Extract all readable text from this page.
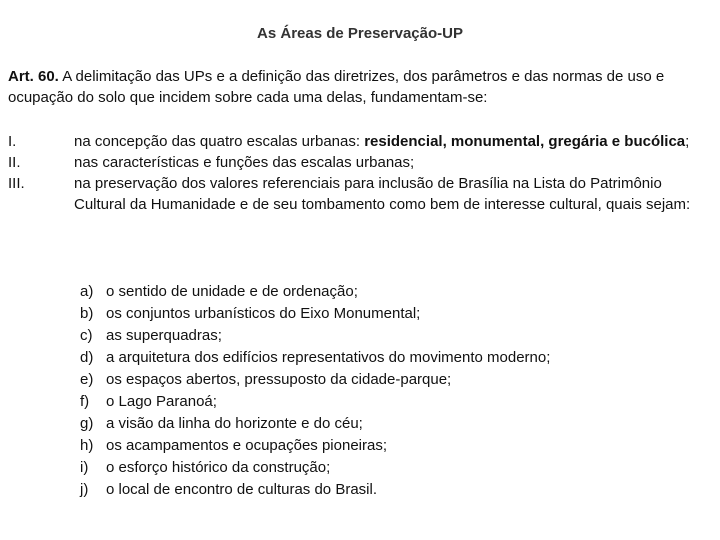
As Áreas de Preservação-UP
Art. 60. A delimitação das UPs e a definição das diretrizes, dos parâmetros e das normas de uso e ocupação do solo que incidem sobre cada uma delas, fundamentam-se:
I.	na concepção das quatro escalas urbanas: residencial, monumental, gregária e bucólica;
II.	nas características e funções das escalas urbanas;
III.	na preservação dos valores referenciais para inclusão de Brasília na Lista do Patrimônio Cultural da Humanidade e de seu tombamento como bem de interesse cultural, quais sejam:
a) o sentido de unidade e de ordenação;
b) os conjuntos urbanísticos do Eixo Monumental;
c) as superquadras;
d) a arquitetura dos edifícios representativos do movimento moderno;
e) os espaços abertos, pressuposto da cidade-parque;
f)	o Lago Paranoá;
g) a visão da linha do horizonte e do céu;
h) os acampamentos e ocupações pioneiras;
i)	o esforço histórico da construção;
j)	o local de encontro de culturas do Brasil.
